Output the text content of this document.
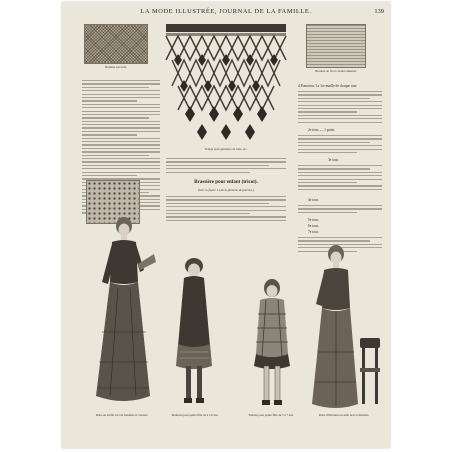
LA MODE ILLUSTRÉE, JOURNAL DE LA FAMILLE.	139
Bordure sur toile.
Frange pour garniture de robe, etc.
Bordure au fil et crochet tunisien.
Brassière pour enfant (tricot).
(Voir la figure 14 de la planche de patrons.)
4 Fourreau. La 1re maille de chaque tour
2e tour. — 1 point.
3e tour.
4e tour.
5e tour.
6e tour.
7e tour.
Robe en étoffe vert de fantaisie et velours.	Manteau pour petite fille de 4 à 6 ans.	Toilette pour petite fille de 5 à 7 ans.	Robe d'intérieur en satin noir et dentelle.
